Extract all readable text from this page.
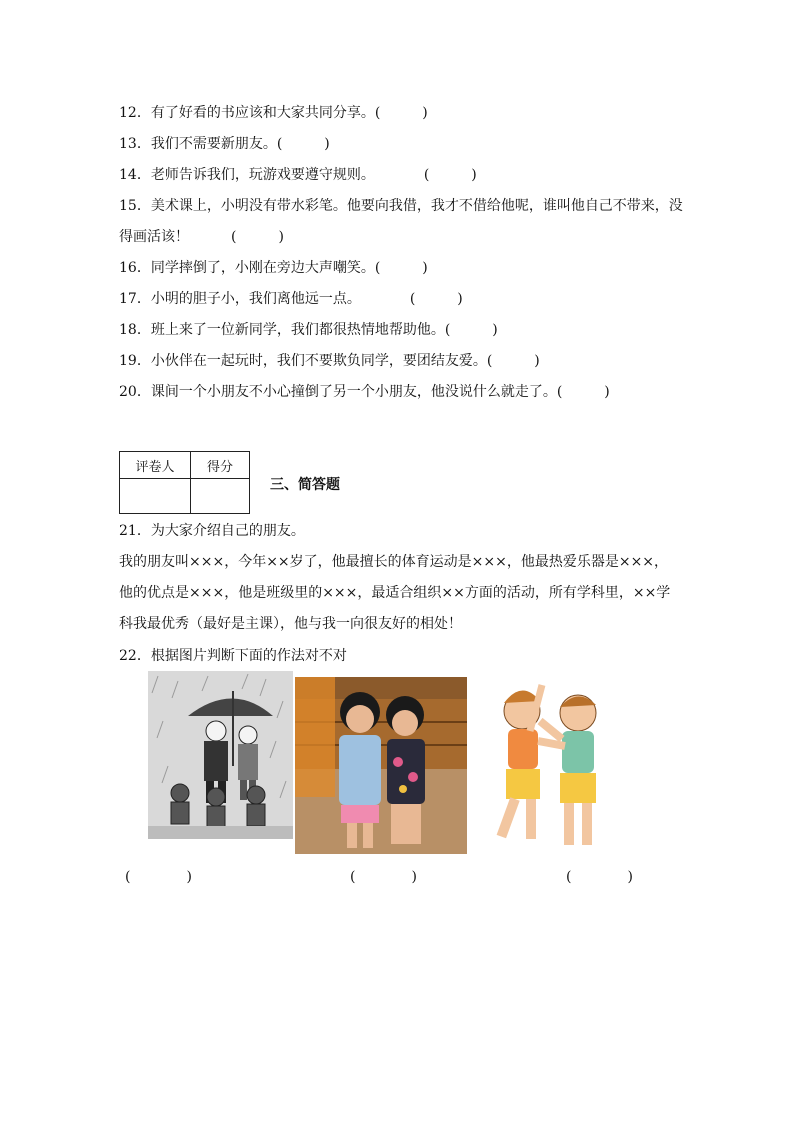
12．有了好看的书应该和大家共同分享。(　　　)
13．我们不需要新朋友。(　　　)
14．老师告诉我们，玩游戏要遵守规则。　　　　(　　　)
15．美术课上，小明没有带水彩笔。他要向我借，我才不借给他呢，谁叫他自己不带来，没
得画活该！　　　(　　　)
16．同学摔倒了，小刚在旁边大声嘲笑。(　　　)
17．小明的胆子小，我们离他远一点。　　　　(　　　)
18．班上来了一位新同学，我们都很热情地帮助他。(　　　)
19．小伙伴在一起玩时，我们不要欺负同学，要团结友爱。(　　　)
20．课间一个小朋友不小心撞倒了另一个小朋友，他没说什么就走了。(　　　)
评卷人	得分

三、简答题
21．为大家介绍自己的朋友。
我的朋友叫×××，今年××岁了，他最擅长的体育运动是×××，他最热爱乐器是×××，他的优点是×××，他是班级里的×××，最适合组织××方面的活动，所有学科里，××学科我最优秀（最好是主课），他与我一向很友好的相处！
22．根据图片判断下面的作法对不对
(　　　　)	(　　　　)	(　　　　)
